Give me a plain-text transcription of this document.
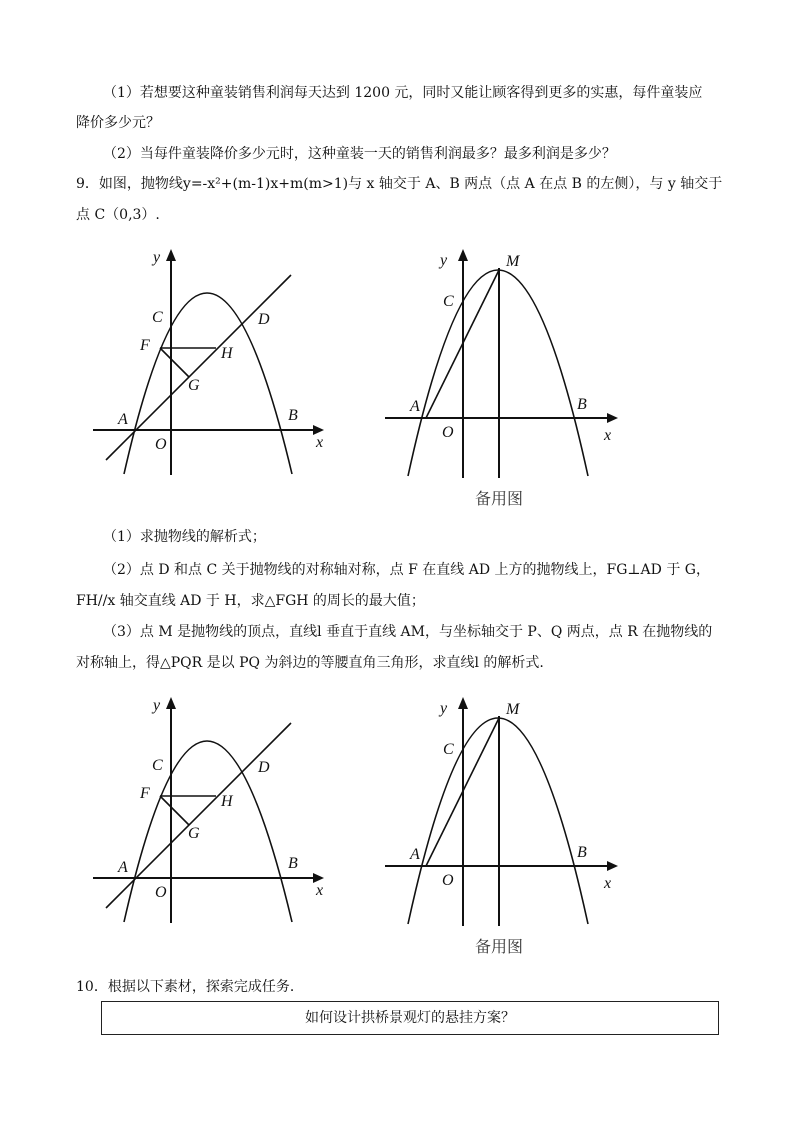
（1）若想要这种童装销售利润每天达到 1200 元，同时又能让顾客得到更多的实惠，每件童装应
降价多少元？
（2）当每件童装降价多少元时，这种童装一天的销售利润最多？最多利润是多少？
9．如图，抛物线y=-x²+(m-1)x+m(m>1)与 x 轴交于 A、B 两点（点 A 在点 B 的左侧），与 y 轴交于
点 C（0,3）.
y
x
O
A	B
C	D
F
G
H
y
x
O
A	B
C
M
备用图
（1）求抛物线的解析式；
（2）点 D 和点 C 关于抛物线的对称轴对称，点 F 在直线 AD 上方的抛物线上，FG⊥AD 于 G，
FH//x 轴交直线 AD 于 H，求△FGH 的周长的最大值；
（3）点 M 是抛物线的顶点，直线l 垂直于直线 AM，与坐标轴交于 P、Q 两点，点 R 在抛物线的
对称轴上，得△PQR 是以 PQ 为斜边的等腰直角三角形，求直线l 的解析式.
y
x
O
A	B
C	D
F
G
H
y
x
O
A	B
C
M
备用图
10．根据以下素材，探索完成任务．
如何设计拱桥景观灯的悬挂方案？
